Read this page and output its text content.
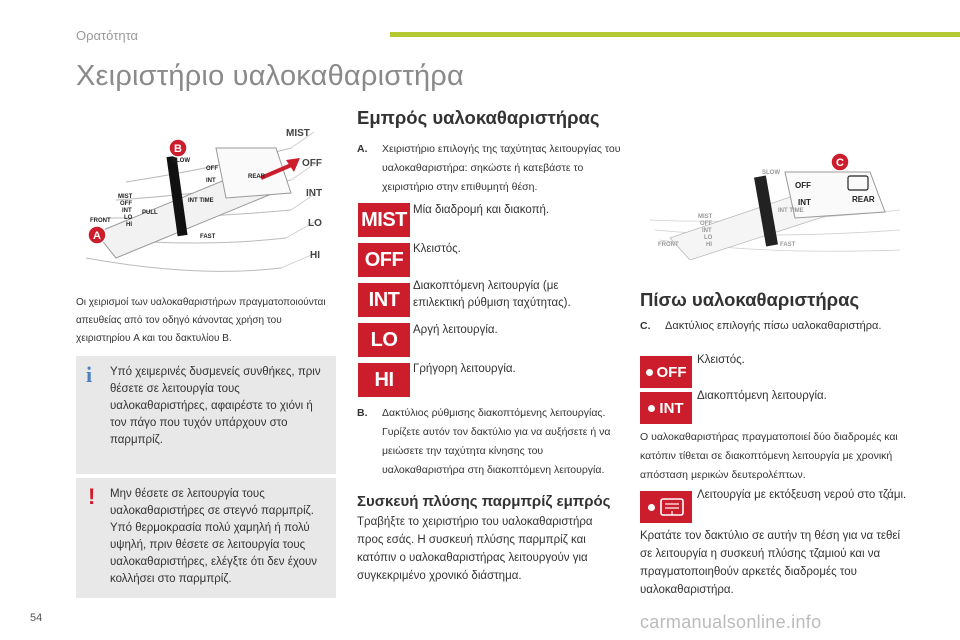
Ορατότητα
Χειριστήριο υαλοκαθαριστήρα
MIST
OFF
INT
LO
HI
FRONT
MIST
OFF
INT
LO
HI
PULL
SLOW
INT TIME
FAST
INT
OFF
REAR
A
B
Οι χειρισμοί των υαλοκαθαριστήρων πραγματοποιούνται απευθείας από τον οδηγό κάνοντας χρήση του χειριστηρίου A και του δακτυλίου B.
i Υπό χειμερινές δυσμενείς συνθήκες, πριν θέσετε σε λειτουργία τους υαλοκαθαριστήρες, αφαιρέστε το χιόνι ή τον πάγο που τυχόν υπάρχουν στο παρμπρίζ.
! Μην θέσετε σε λειτουργία τους υαλοκαθαριστήρες σε στεγνό παρμπρίζ. Υπό θερμοκρασία πολύ χαμηλή ή πολύ υψηλή, πριν θέσετε σε λειτουργία τους υαλοκαθαριστήρες, ελέγξτε ότι δεν έχουν κολλήσει στο παρμπρίζ.
Εμπρός υαλοκαθαριστήρας
A. Χειριστήριο επιλογής της ταχύτητας λειτουργίας του υαλοκαθαριστήρα: σηκώστε ή κατεβάστε το χειριστήριο στην επιθυμητή θέση.
MIST Μία διαδρομή και διακοπή.
OFF Κλειστός.
INT
Διακοπτόμενη λειτουργία (με επιλεκτική ρύθμιση ταχύτητας).
LO	Αργή λειτουργία.
HI	Γρήγορη λειτουργία.
B. Δακτύλιος ρύθμισης διακοπτόμενης λειτουργίας.
Γυρίζετε αυτόν τον δακτύλιο για να αυξήσετε ή να μειώσετε την ταχύτητα κίνησης του υαλοκαθαριστήρα στη διακοπτόμενη λειτουργία.
Συσκευή πλύσης παρμπρίζ εμπρός
Τραβήξτε το χειριστήριο του υαλοκαθαριστήρα προς εσάς. Η συσκευή πλύσης παρμπρίζ και κατόπιν ο υαλοκαθαριστήρας λειτουργούν για συγκεκριμένο χρονικό διάστημα.
FRONT
MIST
OFF
INT
LO
HI
SLOW
INT TIME
FAST
OFF
INT	REAR
C
Πίσω υαλοκαθαριστήρας
C. Δακτύλιος επιλογής πίσω υαλοκαθαριστήρα.
OFF
Κλειστός.
INT
Διακοπτόμενη λειτουργία.
Ο υαλοκαθαριστήρας πραγματοποιεί δύο διαδρομές και κατόπιν τίθεται σε διακοπτόμενη λειτουργία με χρονική απόσταση μερικών δευτερολέπτων.
Λειτουργία με εκτόξευση νερού στο τζάμι.
Κρατάτε τον δακτύλιο σε αυτήν τη θέση για να τεθεί σε λειτουργία η συσκευή πλύσης τζαμιού και να πραγματοποιηθούν αρκετές διαδρομές του υαλοκαθαριστήρα.
54	carmanualsonline.info
